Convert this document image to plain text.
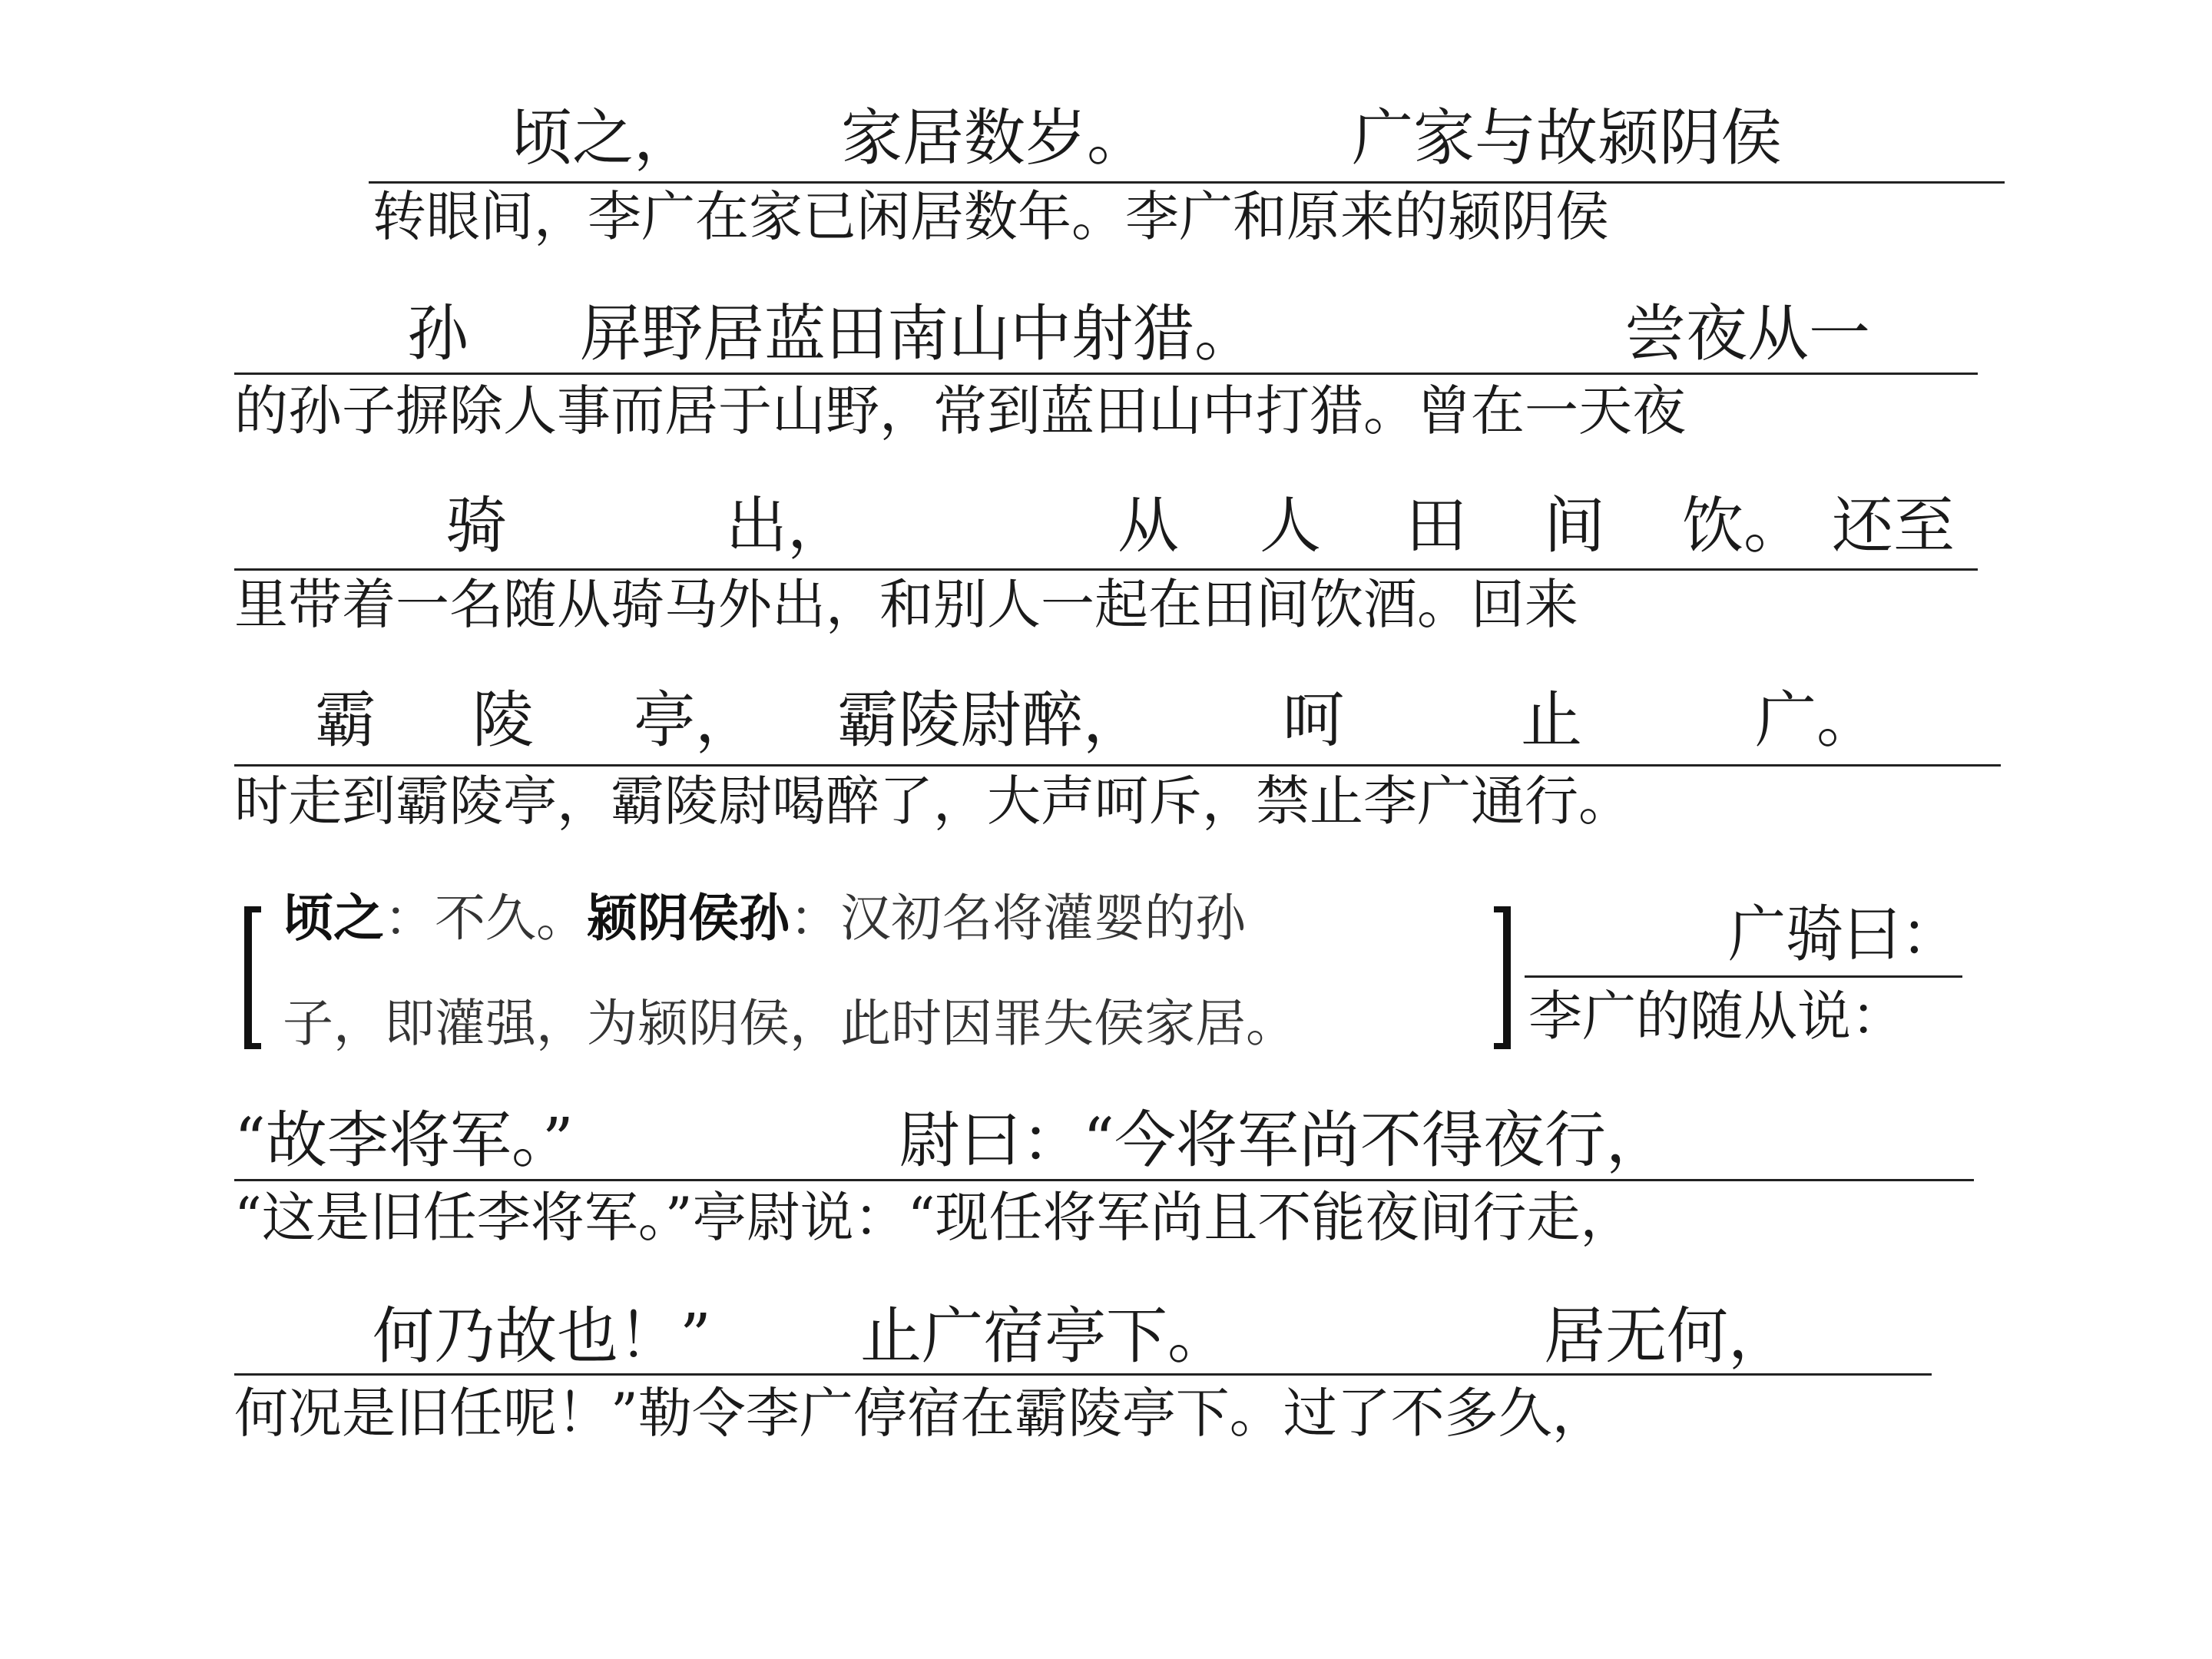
顷之， 家居数岁。	广家与故颍阴侯
转眼间，李广在家已闲居数年。李广和原来的颍阴侯
孙 屏野居蓝田南山中射猎。	尝夜从一
的孙子摒除人事而居于山野，常到蓝田山中打猎。曾在一天夜
骑	出，	从 人 田 间 饮。 还至
里带着一名随从骑马外出，和别人一起在田间饮酒。回来
霸 陵 亭， 霸陵尉醉， 呵	止	广。
时走到霸陵亭，霸陵尉喝醉了，大声呵斥，禁止李广通行。
顷之：不久。颍阴侯孙：汉初名将灌婴的孙
子，即灌强，为颍阴侯，此时因罪失侯家居。
广骑曰：
李广的随从说：
“故李将军。”	尉曰：“今将军尚不得夜行，
“这是旧任李将军。”亭尉说：“现任将军尚且不能夜间行走，
何乃故也！” 止广宿亭下。	居无何，
何况是旧任呢！”勒令李广停宿在霸陵亭下。过了不多久，
